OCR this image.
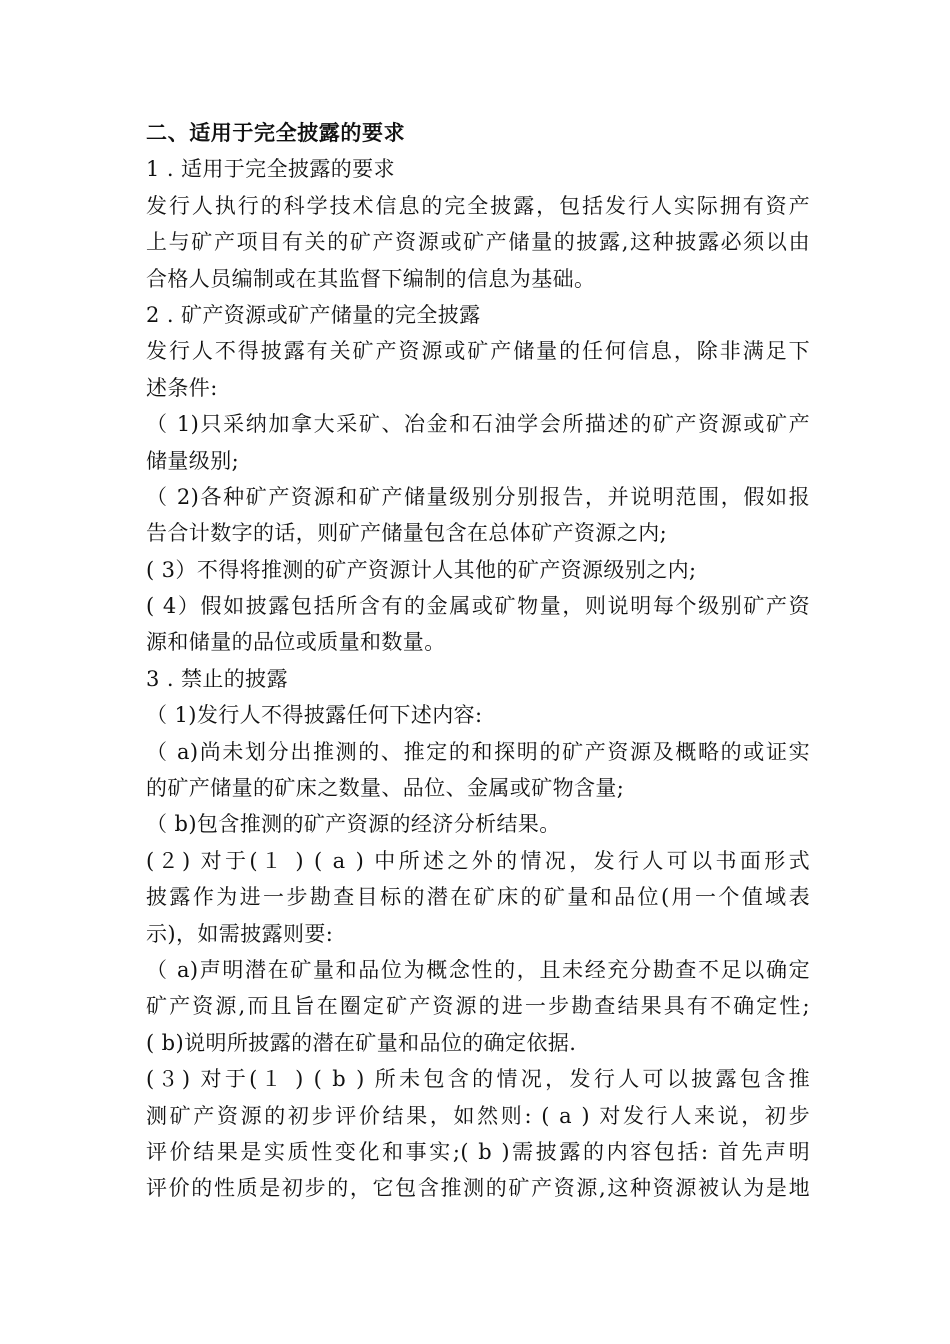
二、适用于完全披露的要求
1 . 适用于完全披露的要求
发行人执行的科学技术信息的完全披露，包括发行人实际拥有资产
上与矿产项目有关的矿产资源或矿产储量的披露,这种披露必须以由
合格人员编制或在其监督下编制的信息为基础。
2 . 矿产资源或矿产储量的完全披露
发行人不得披露有关矿产资源或矿产储量的任何信息，除非满足下
述条件:
（ 1)只采纳加拿大采矿、冶金和石油学会所描述的矿产资源或矿产
储量级别;
（ 2)各种矿产资源和矿产储量级别分别报告，并说明范围，假如报
告合计数字的话，则矿产储量包含在总体矿产资源之内;
( 3）不得将推测的矿产资源计人其他的矿产资源级别之内;
( 4）假如披露包括所含有的金属或矿物量，则说明每个级别矿产资
源和储量的品位或质量和数量。
3 . 禁止的披露
（ 1)发行人不得披露任何下述内容:
（ a)尚未划分出推测的、推定的和探明的矿产资源及概略的或证实
的矿产储量的矿床之数量、品位、金属或矿物含量;
（ b)包含推测的矿产资源的经济分析结果。
(２) 对于(１ ) ( a ) 中所述之外的情况，发行人可以书面形式
披露作为进一步勘查目标的潜在矿床的矿量和品位(用一个值域表
示)，如需披露则要:
（ a)声明潜在矿量和品位为概念性的，且未经充分勘查不足以确定
矿产资源,而且旨在圈定矿产资源的进一步勘查结果具有不确定性;
( b)说明所披露的潜在矿量和品位的确定依据.
(３) 对于(１ ) ( b ) 所未包含的情况，发行人可以披露包含推
测矿产资源的初步评价结果，如然则: ( a ) 对发行人来说，初步
评价结果是实质性变化和事实;( b )需披露的内容包括: 首先声明
评价的性质是初步的，它包含推测的矿产资源,这种资源被认为是地
